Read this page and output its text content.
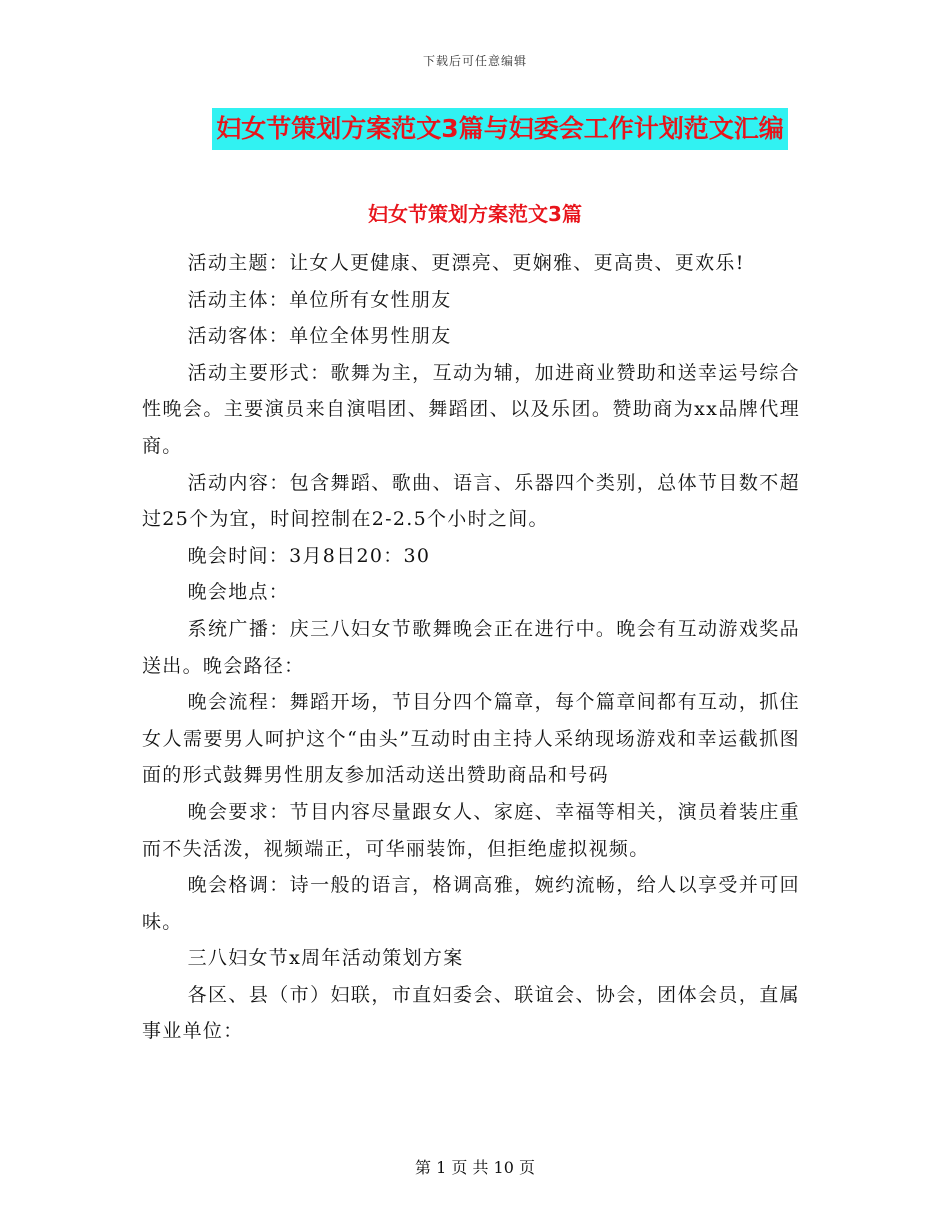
下载后可任意编辑
妇女节策划方案范文3篇与妇委会工作计划范文汇编
妇女节策划方案范文3篇

活动主题：让女人更健康、更漂亮、更娴雅、更高贵、更欢乐!

活动主体：单位所有女性朋友

活动客体：单位全体男性朋友

活动主要形式：歌舞为主，互动为辅，加进商业赞助和送幸运号综合性晚会。主要演员来自演唱团、舞蹈团、以及乐团。赞助商为xx品牌代理商。

活动内容：包含舞蹈、歌曲、语言、乐器四个类别，总体节目数不超过25个为宜，时间控制在2-2.5个小时之间。

晚会时间：3月8日20：30

晚会地点：

系统广播：庆三八妇女节歌舞晚会正在进行中。晚会有互动游戏奖品送出。晚会路径：

晚会流程：舞蹈开场，节目分四个篇章，每个篇章间都有互动，抓住女人需要男人呵护这个“由头”互动时由主持人采纳现场游戏和幸运截抓图面的形式鼓舞男性朋友参加活动送出赞助商品和号码

晚会要求：节目内容尽量跟女人、家庭、幸福等相关，演员着装庄重而不失活泼，视频端正，可华丽装饰，但拒绝虚拟视频。

晚会格调：诗一般的语言，格调高雅，婉约流畅，给人以享受并可回味。

三八妇女节x周年活动策划方案

各区、县（市）妇联，市直妇委会、联谊会、协会，团体会员，直属事业单位：

第 1 页 共 10 页
